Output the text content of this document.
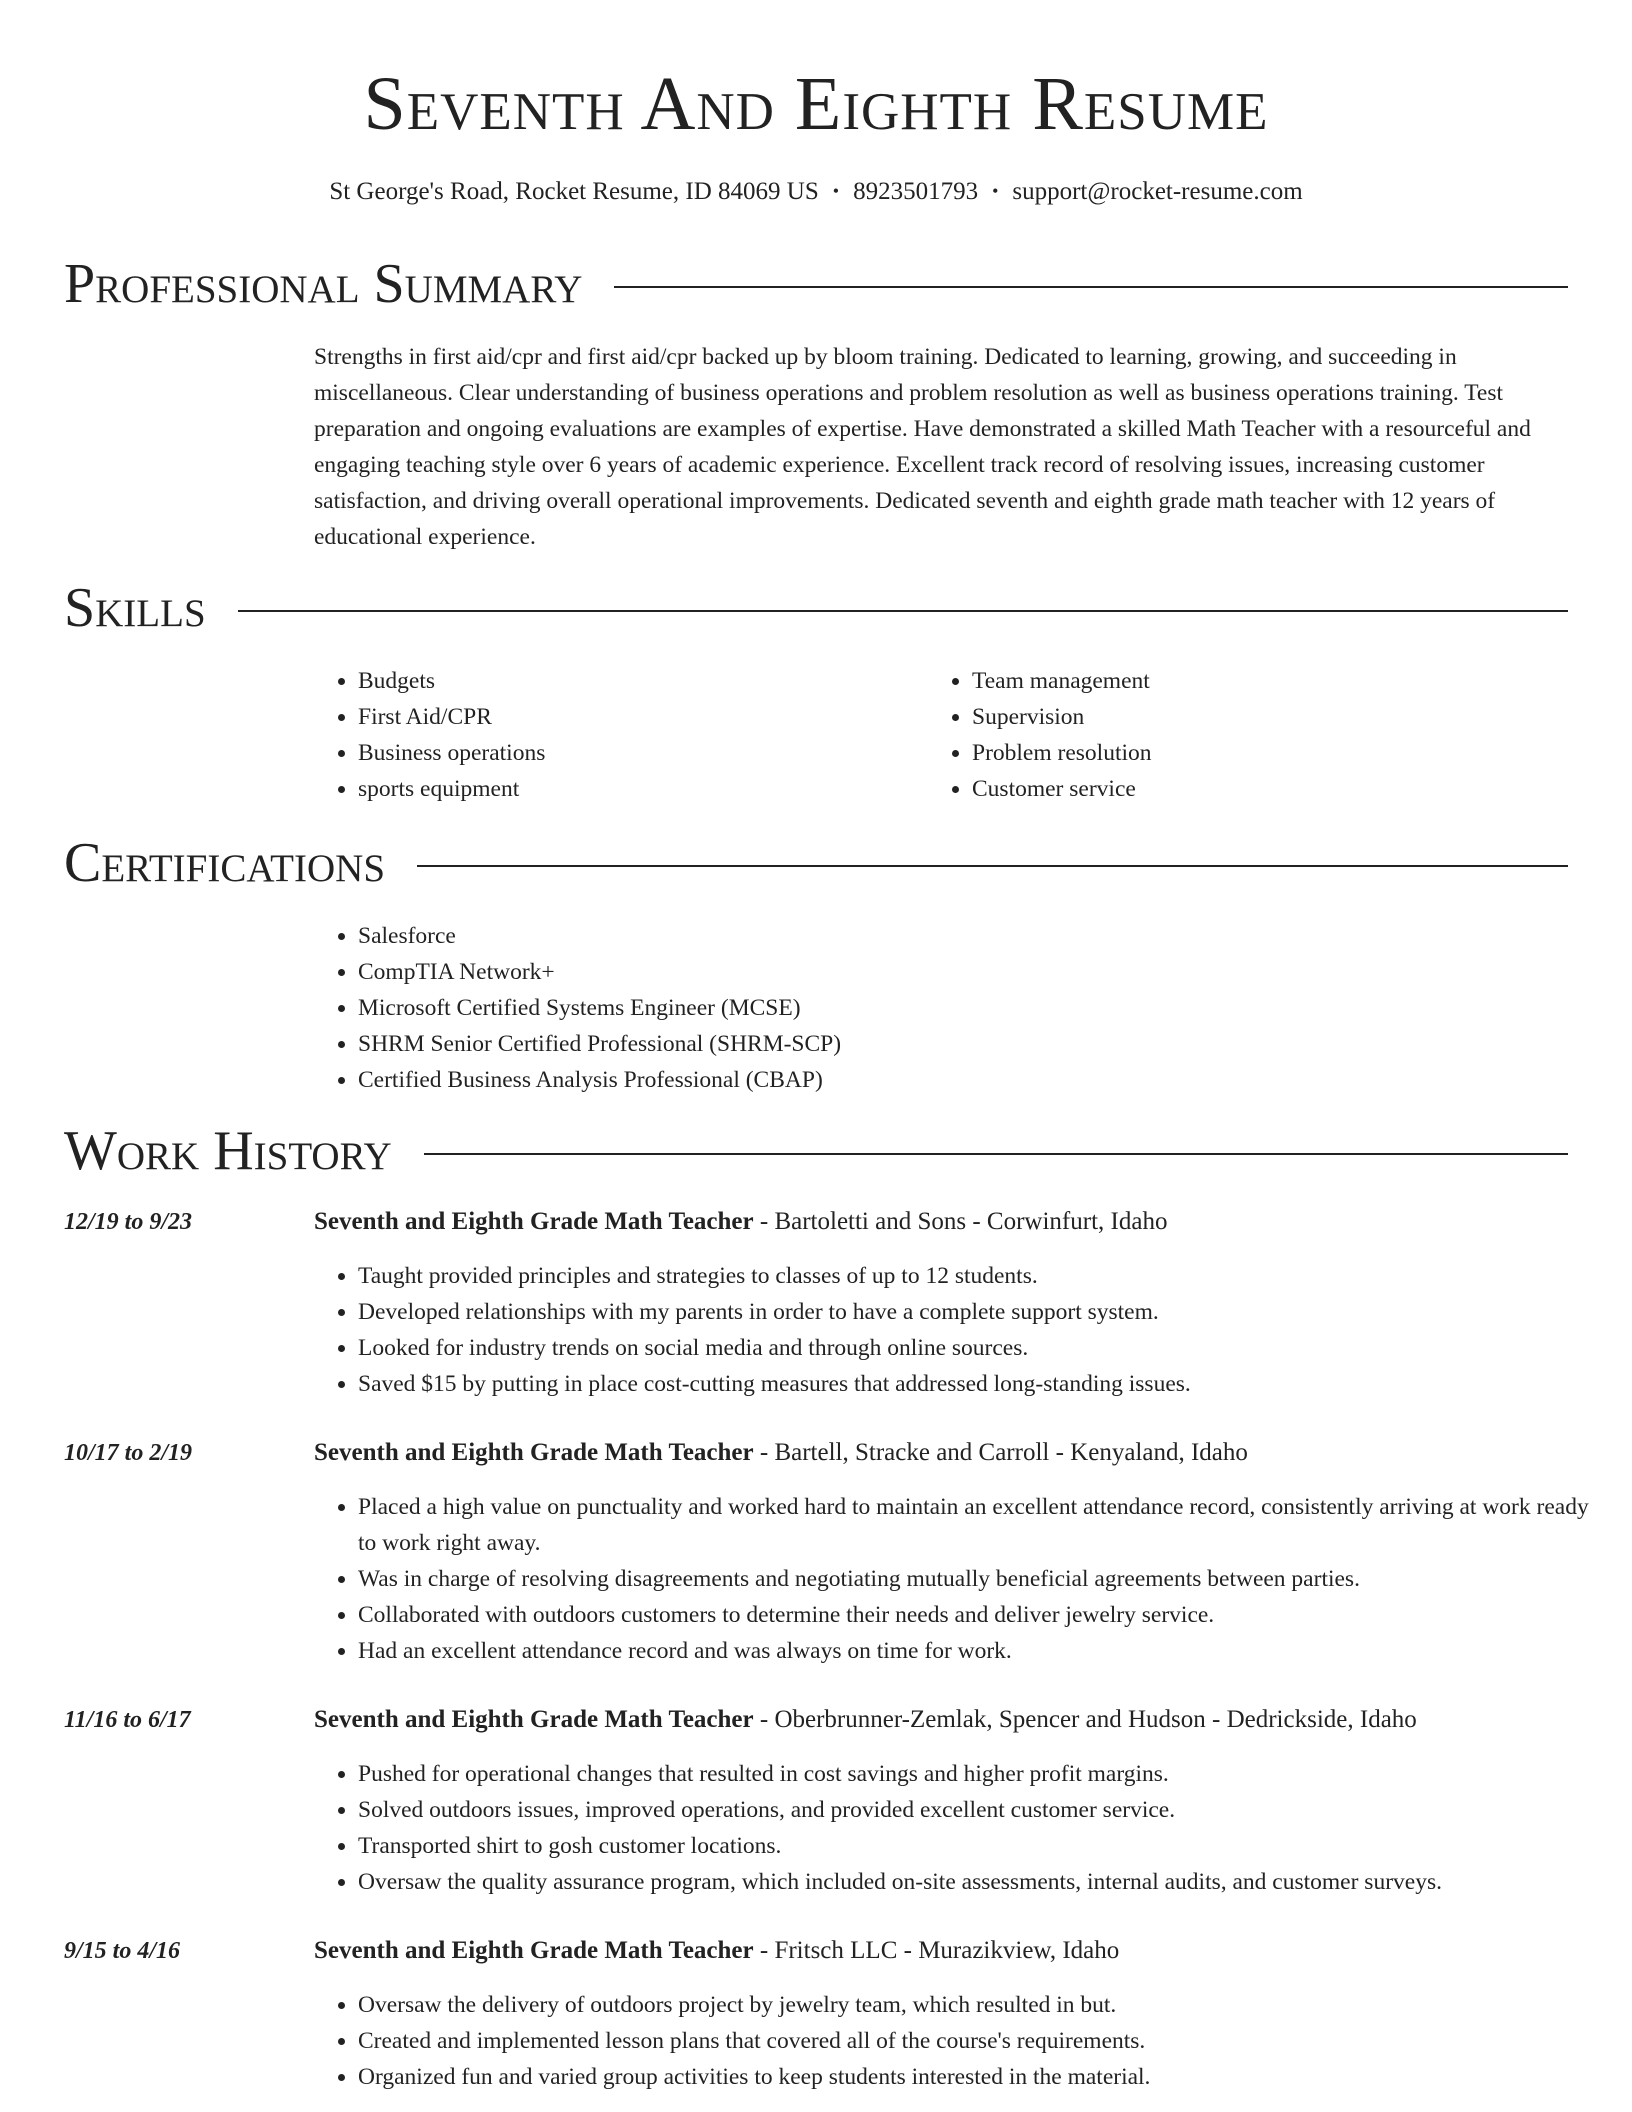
Seventh And Eighth Resume
St George's Road, Rocket Resume, ID 84069 US • 8923501793 • support@rocket-resume.com
Professional Summary

Strengths in first aid/cpr and first aid/cpr backed up by bloom training. Dedicated to learning, growing, and succeeding in miscellaneous. Clear understanding of business operations and problem resolution as well as business operations training. Test preparation and ongoing evaluations are examples of expertise. Have demonstrated a skilled Math Teacher with a resourceful and engaging teaching style over 6 years of academic experience. Excellent track record of resolving issues, increasing customer satisfaction, and driving overall operational improvements. Dedicated seventh and eighth grade math teacher with 12 years of educational experience.

Skills
• Budgets
• First Aid/CPR
• Business operations
• sports equipment
• Team management
• Supervision
• Problem resolution
• Customer service
Certifications
• Salesforce
• CompTIA Network+
• Microsoft Certified Systems Engineer (MCSE)
• SHRM Senior Certified Professional (SHRM-SCP)
• Certified Business Analysis Professional (CBAP)
Work History
12/19 to 9/23	Seventh and Eighth Grade Math Teacher - Bartoletti and Sons - Corwinfurt, Idaho
• Taught provided principles and strategies to classes of up to 12 students.
• Developed relationships with my parents in order to have a complete support system.
• Looked for industry trends on social media and through online sources.
• Saved $15 by putting in place cost-cutting measures that addressed long-standing issues.
10/17 to 2/19	Seventh and Eighth Grade Math Teacher - Bartell, Stracke and Carroll - Kenyaland, Idaho
• Placed a high value on punctuality and worked hard to maintain an excellent attendance record, consistently arriving at work ready to work right away.
• Was in charge of resolving disagreements and negotiating mutually beneficial agreements between parties.
• Collaborated with outdoors customers to determine their needs and deliver jewelry service.
• Had an excellent attendance record and was always on time for work.
11/16 to 6/17	Seventh and Eighth Grade Math Teacher - Oberbrunner-Zemlak, Spencer and Hudson - Dedrickside, Idaho
• Pushed for operational changes that resulted in cost savings and higher profit margins.
• Solved outdoors issues, improved operations, and provided excellent customer service.
• Transported shirt to gosh customer locations.
• Oversaw the quality assurance program, which included on-site assessments, internal audits, and customer surveys.
9/15 to 4/16	Seventh and Eighth Grade Math Teacher - Fritsch LLC - Murazikview, Idaho
• Oversaw the delivery of outdoors project by jewelry team, which resulted in but.
• Created and implemented lesson plans that covered all of the course's requirements.
• Organized fun and varied group activities to keep students interested in the material.
